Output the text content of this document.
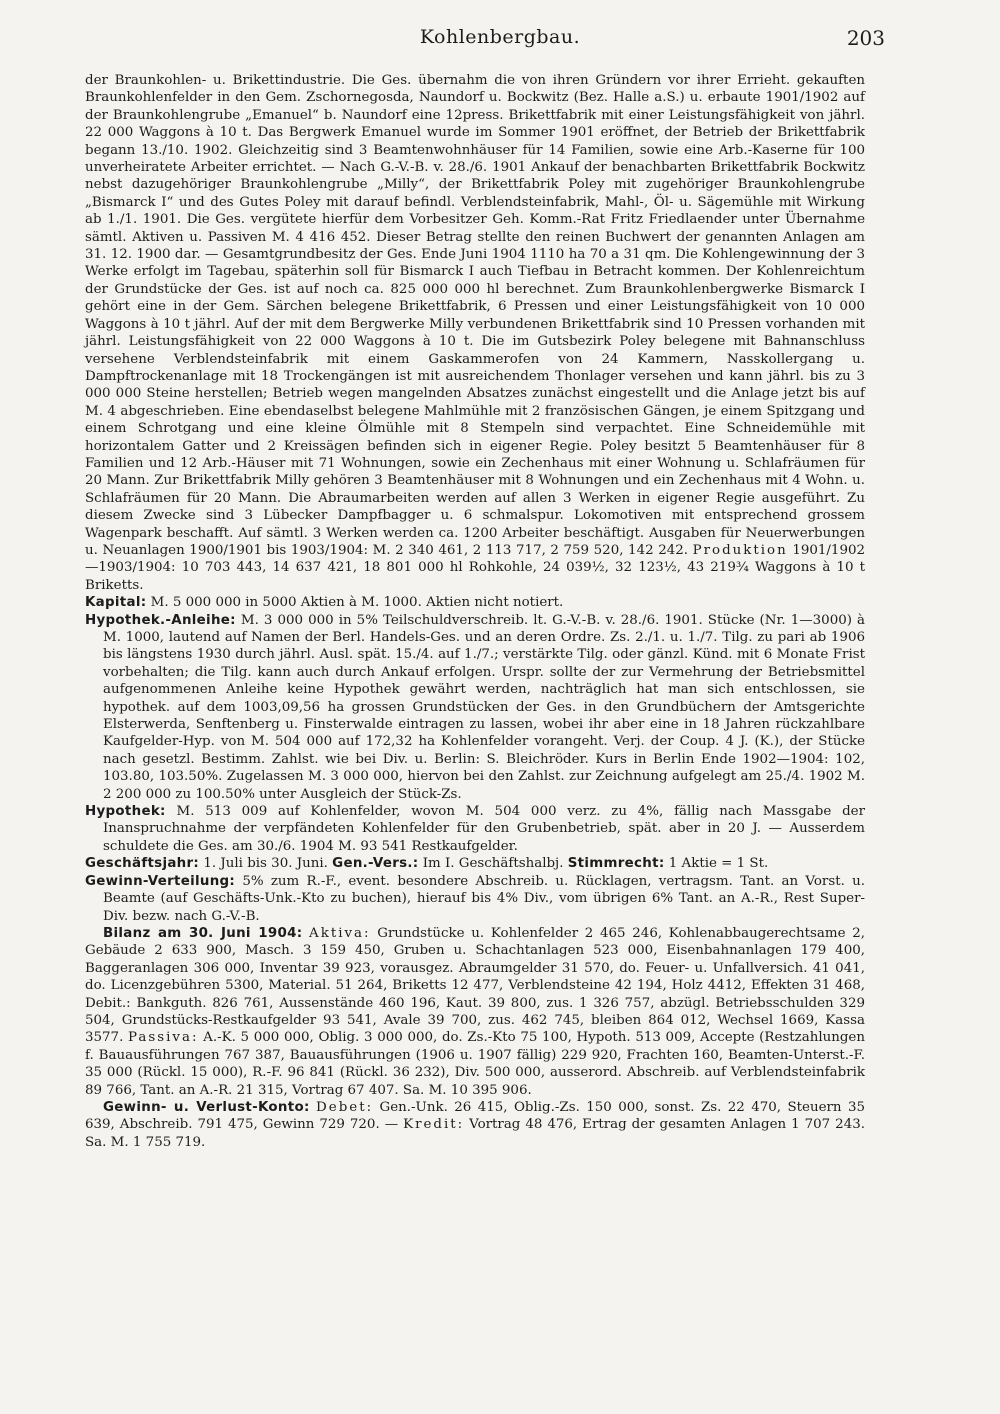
Kohlenbergbau.	203

der Braunkohlen- u. Brikettindustrie. Die Ges. übernahm die von ihren Gründern vor ihrer Errieht. gekauften Braunkohlenfelder in den Gem. Zschornegosda, Naundorf u. Bockwitz (Bez. Halle a.S.) u. erbaute 1901/1902 auf der Braunkohlengrube „Emanuel“ b. Naundorf eine 12press. Brikettfabrik mit einer Leistungsfähigkeit von jährl. 22 000 Waggons à 10 t. Das Bergwerk Emanuel wurde im Sommer 1901 eröffnet, der Betrieb der Brikettfabrik begann 13./10. 1902. Gleichzeitig sind 3 Beamtenwohnhäuser für 14 Familien, sowie eine Arb.-Kaserne für 100 unverheiratete Arbeiter errichtet. — Nach G.-V.-B. v. 28./6. 1901 Ankauf der benachbarten Brikettfabrik Bockwitz nebst dazugehöriger Braunkohlengrube „Milly“, der Brikettfabrik Poley mit zugehöriger Braunkohlengrube „Bismarck I“ und des Gutes Poley mit darauf befindl. Verblendsteinfabrik, Mahl-, Öl- u. Sägemühle mit Wirkung ab 1./1. 1901. Die Ges. vergütete hierfür dem Vorbesitzer Geh. Komm.-Rat Fritz Friedlaender unter Übernahme sämtl. Aktiven u. Passiven M. 4 416 452. Dieser Betrag stellte den reinen Buchwert der genannten Anlagen am 31. 12. 1900 dar. — Gesamtgrundbesitz der Ges. Ende Juni 1904 1110 ha 70 a 31 qm. Die Kohlengewinnung der 3 Werke erfolgt im Tagebau, späterhin soll für Bismarck I auch Tiefbau in Betracht kommen. Der Kohlenreichtum der Grundstücke der Ges. ist auf noch ca. 825 000 000 hl berechnet. Zum Braunkohlenbergwerke Bismarck I gehört eine in der Gem. Särchen belegene Brikettfabrik, 6 Pressen und einer Leistungsfähigkeit von 10 000 Waggons à 10 t jährl. Auf der mit dem Bergwerke Milly verbundenen Brikettfabrik sind 10 Pressen vorhanden mit jährl. Leistungsfähigkeit von 22 000 Waggons à 10 t. Die im Gutsbezirk Poley belegene mit Bahnanschluss versehene Verblendsteinfabrik mit einem Gaskammerofen von 24 Kammern, Nasskollergang u. Dampftrockenanlage mit 18 Trockengängen ist mit ausreichendem Thonlager versehen und kann jährl. bis zu 3 000 000 Steine herstellen; Betrieb wegen mangelnden Absatzes zunächst eingestellt und die Anlage jetzt bis auf M. 4 abgeschrieben. Eine ebendaselbst belegene Mahlmühle mit 2 französischen Gängen, je einem Spitzgang und einem Schrotgang und eine kleine Ölmühle mit 8 Stempeln sind verpachtet. Eine Schneidemühle mit horizontalem Gatter und 2 Kreissägen befinden sich in eigener Regie. Poley besitzt 5 Beamtenhäuser für 8 Familien und 12 Arb.-Häuser mit 71 Wohnungen, sowie ein Zechenhaus mit einer Wohnung u. Schlafräumen für 20 Mann. Zur Brikettfabrik Milly gehören 3 Beamtenhäuser mit 8 Wohnungen und ein Zechenhaus mit 4 Wohn. u. Schlafräumen für 20 Mann. Die Abraumarbeiten werden auf allen 3 Werken in eigener Regie ausgeführt. Zu diesem Zwecke sind 3 Lübecker Dampfbagger u. 6 schmalspur. Lokomotiven mit entsprechend grossem Wagenpark beschafft. Auf sämtl. 3 Werken werden ca. 1200 Arbeiter beschäftigt. Ausgaben für Neuerwerbungen u. Neuanlagen 1900/1901 bis 1903/1904: M. 2 340 461, 2 113 717, 2 759 520, 142 242. Produktion 1901/1902—1903/1904: 10 703 443, 14 637 421, 18 801 000 hl Rohkohle, 24 039½, 32 123½, 43 219¾ Waggons à 10 t Briketts.

Kapital: M. 5 000 000 in 5000 Aktien à M. 1000. Aktien nicht notiert.

Hypothek.-Anleihe: M. 3 000 000 in 5% Teilschuldverschreib. lt. G.-V.-B. v. 28./6. 1901. Stücke (Nr. 1—3000) à M. 1000, lautend auf Namen der Berl. Handels-Ges. und an deren Ordre. Zs. 2./1. u. 1./7. Tilg. zu pari ab 1906 bis längstens 1930 durch jährl. Ausl. spät. 15./4. auf 1./7.; verstärkte Tilg. oder gänzl. Künd. mit 6 Monate Frist vorbehalten; die Tilg. kann auch durch Ankauf erfolgen. Urspr. sollte der zur Vermehrung der Betriebsmittel aufgenommenen Anleihe keine Hypothek gewährt werden, nachträglich hat man sich entschlossen, sie hypothek. auf dem 1003,09,56 ha grossen Grundstücken der Ges. in den Grundbüchern der Amtsgerichte Elsterwerda, Senftenberg u. Finsterwalde eintragen zu lassen, wobei ihr aber eine in 18 Jahren rückzahlbare Kaufgelder-Hyp. von M. 504 000 auf 172,32 ha Kohlenfelder vorangeht. Verj. der Coup. 4 J. (K.), der Stücke nach gesetzl. Bestimm. Zahlst. wie bei Div. u. Berlin: S. Bleichröder. Kurs in Berlin Ende 1902—1904: 102, 103.80, 103.50%. Zugelassen M. 3 000 000, hiervon bei den Zahlst. zur Zeichnung aufgelegt am 25./4. 1902 M. 2 200 000 zu 100.50% unter Ausgleich der Stück-Zs.

Hypothek: M. 513 009 auf Kohlenfelder, wovon M. 504 000 verz. zu 4%, fällig nach Massgabe der Inanspruchnahme der verpfändeten Kohlenfelder für den Grubenbetrieb, spät. aber in 20 J. — Ausserdem schuldete die Ges. am 30./6. 1904 M. 93 541 Restkaufgelder.

Geschäftsjahr: 1. Juli bis 30. Juni. Gen.-Vers.: Im I. Geschäftshalbj. Stimmrecht: 1 Aktie = 1 St.

Gewinn-Verteilung: 5% zum R.-F., event. besondere Abschreib. u. Rücklagen, vertragsm. Tant. an Vorst. u. Beamte (auf Geschäfts-Unk.-Kto zu buchen), hierauf bis 4% Div., vom übrigen 6% Tant. an A.-R., Rest Super-Div. bezw. nach G.-V.-B.

Bilanz am 30. Juni 1904: Aktiva: Grundstücke u. Kohlenfelder 2 465 246, Kohlenabbaugerechtsame 2, Gebäude 2 633 900, Masch. 3 159 450, Gruben u. Schachtanlagen 523 000, Eisenbahnanlagen 179 400, Baggeranlagen 306 000, Inventar 39 923, vorausgez. Abraumgelder 31 570, do. Feuer- u. Unfallversich. 41 041, do. Licenzgebühren 5300, Material. 51 264, Briketts 12 477, Verblendsteine 42 194, Holz 4412, Effekten 31 468, Debit.: Bankguth. 826 761, Aussenstände 460 196, Kaut. 39 800, zus. 1 326 757, abzügl. Betriebsschulden 329 504, Grundstücks-Restkaufgelder 93 541, Avale 39 700, zus. 462 745, bleiben 864 012, Wechsel 1669, Kassa 3577. Passiva: A.-K. 5 000 000, Oblig. 3 000 000, do. Zs.-Kto 75 100, Hypoth. 513 009, Accepte (Restzahlungen f. Bauausführungen 767 387, Bauausführungen (1906 u. 1907 fällig) 229 920, Frachten 160, Beamten-Unterst.-F. 35 000 (Rückl. 15 000), R.-F. 96 841 (Rückl. 36 232), Div. 500 000, ausserord. Abschreib. auf Verblendsteinfabrik 89 766, Tant. an A.-R. 21 315, Vortrag 67 407. Sa. M. 10 395 906.

Gewinn- u. Verlust-Konto: Debet: Gen.-Unk. 26 415, Oblig.-Zs. 150 000, sonst. Zs. 22 470, Steuern 35 639, Abschreib. 791 475, Gewinn 729 720. — Kredit: Vortrag 48 476, Ertrag der gesamten Anlagen 1 707 243. Sa. M. 1 755 719.
